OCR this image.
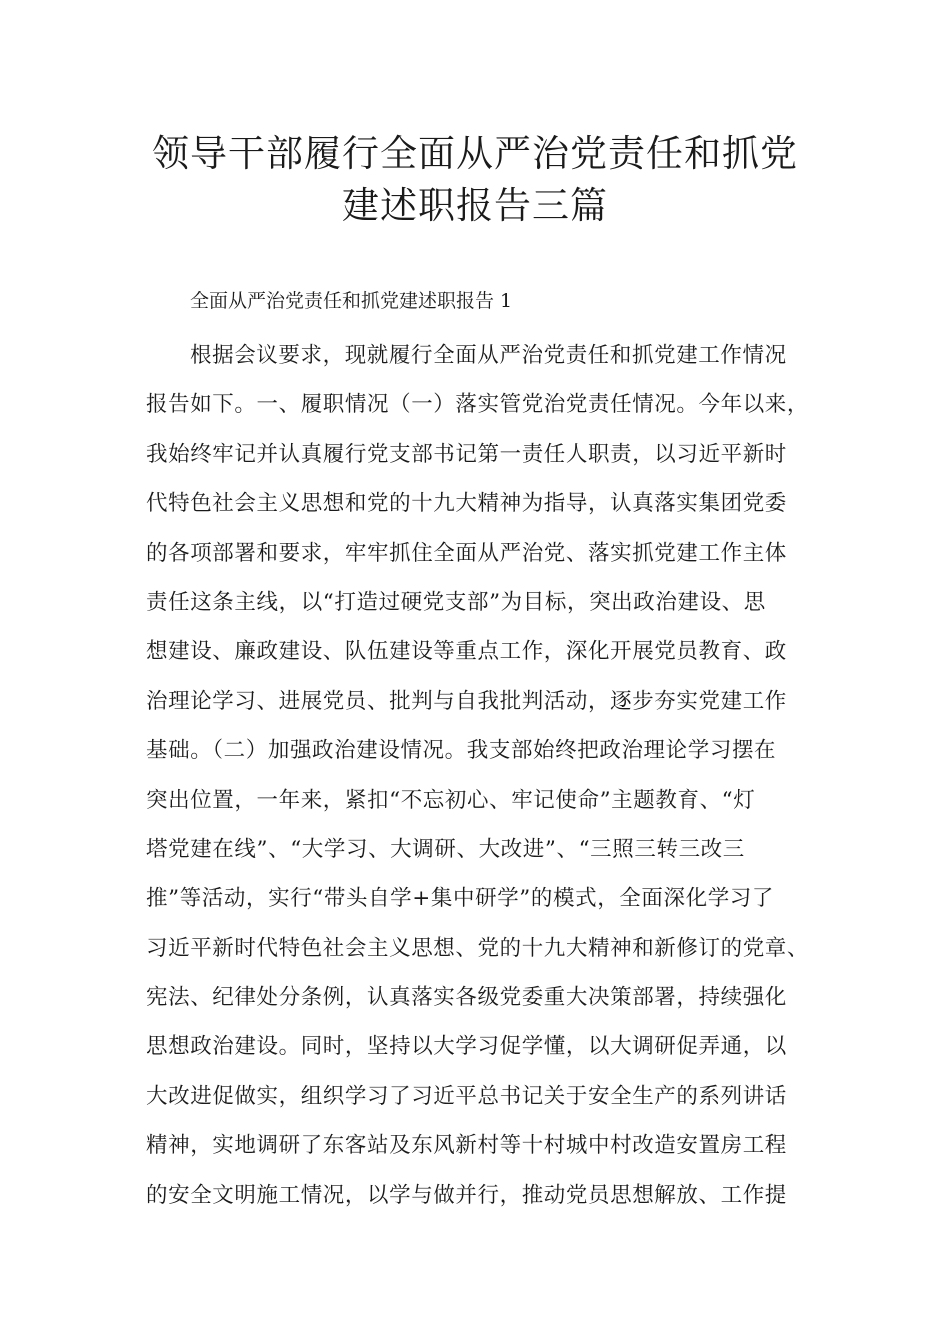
领导干部履行全面从严治党责任和抓党
建述职报告三篇
全面从严治党责任和抓党建述职报告 1
根据会议要求，现就履行全面从严治党责任和抓党建工作情况
报告如下。一、履职情况（一）落实管党治党责任情况。今年以来，
我始终牢记并认真履行党支部书记第一责任人职责，以习近平新时
代特色社会主义思想和党的十九大精神为指导，认真落实集团党委
的各项部署和要求，牢牢抓住全面从严治党、落实抓党建工作主体
责任这条主线，以“打造过硬党支部”为目标，突出政治建设、思
想建设、廉政建设、队伍建设等重点工作，深化开展党员教育、政
治理论学习、进展党员、批判与自我批判活动，逐步夯实党建工作
基础。（二）加强政治建设情况。我支部始终把政治理论学习摆在
突出位置，一年来，紧扣“不忘初心、牢记使命”主题教育、“灯
塔党建在线”、“大学习、大调研、大改进”、“三照三转三改三
推”等活动，实行“带头自学+集中研学”的模式，全面深化学习了
习近平新时代特色社会主义思想、党的十九大精神和新修订的党章、
宪法、纪律处分条例，认真落实各级党委重大决策部署，持续强化
思想政治建设。同时，坚持以大学习促学懂，以大调研促弄通，以
大改进促做实，组织学习了习近平总书记关于安全生产的系列讲话
精神，实地调研了东客站及东风新村等十村城中村改造安置房工程
的安全文明施工情况，以学与做并行，推动党员思想解放、工作提
